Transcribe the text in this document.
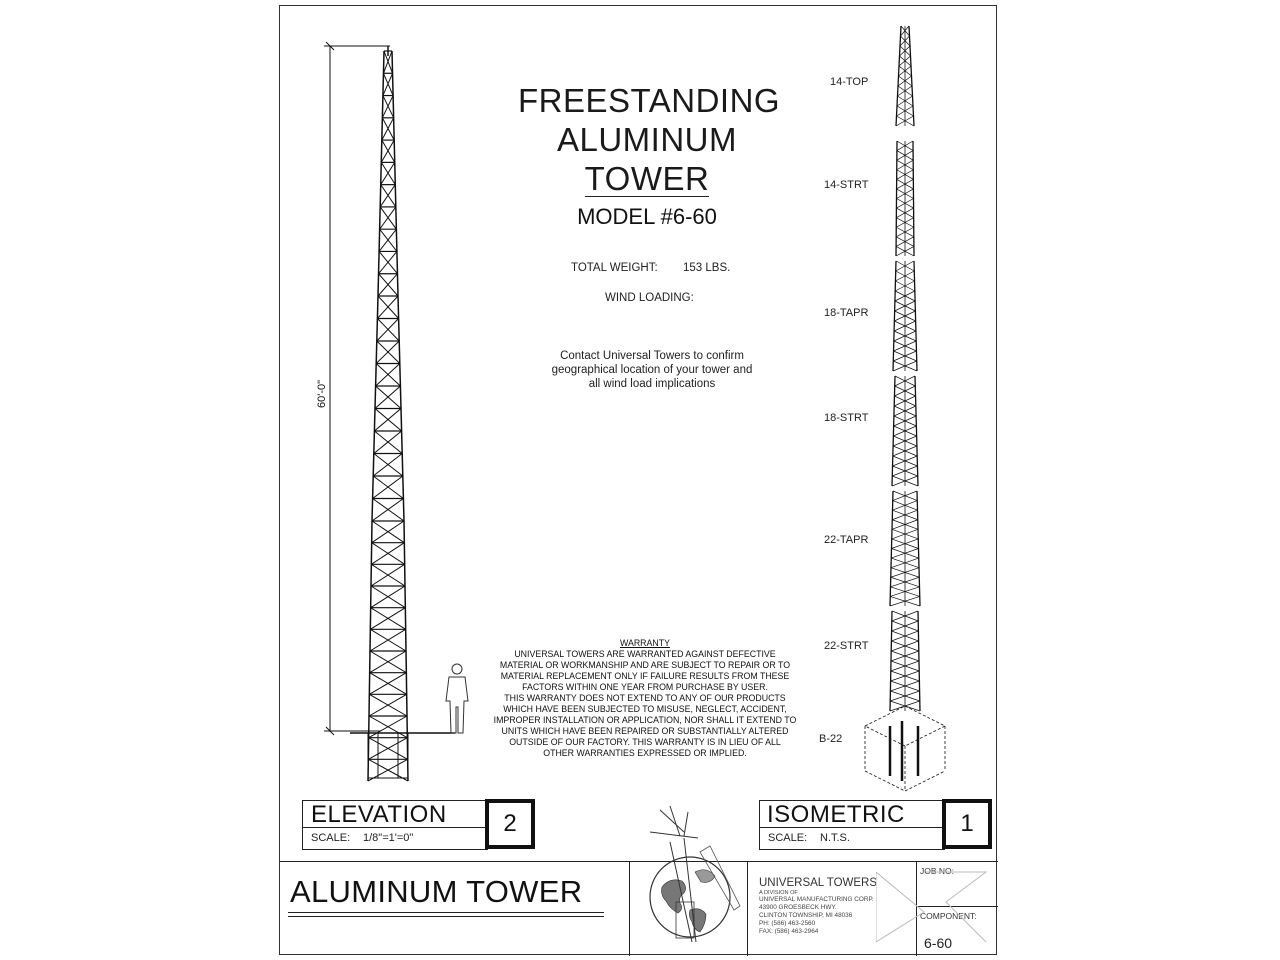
60'-0"
FREESTANDING
ALUMINUM
TOWER
MODEL #6-60
TOTAL WEIGHT: 153 LBS.
WIND LOADING:
Contact Universal Towers to confirm
geographical location of your tower and
all wind load implications
WARRANTY
UNIVERSAL TOWERS ARE WARRANTED AGAINST DEFECTIVE
MATERIAL OR WORKMANSHIP AND ARE SUBJECT TO REPAIR OR TO
MATERIAL REPLACEMENT ONLY IF FAILURE RESULTS FROM THESE
FACTORS WITHIN ONE YEAR FROM PURCHASE BY USER.
THIS WARRANTY DOES NOT EXTEND TO ANY OF OUR PRODUCTS
WHICH HAVE BEEN SUBJECTED TO MISUSE, NEGLECT, ACCIDENT,
IMPROPER INSTALLATION OR APPLICATION, NOR SHALL IT EXTEND TO
UNITS WHICH HAVE BEEN REPAIRED OR SUBSTANTIALLY ALTERED
OUTSIDE OF OUR FACTORY. THIS WARRANTY IS IN LIEU OF ALL
OTHER WARRANTIES EXPRESSED OR IMPLIED.
14-TOP
14-STRT
18-TAPR
18-STRT
22-TAPR
22-STRT
B-22
ELEVATION
SCALE: 1/8"=1'=0"
2	ISOMETRIC
SCALE: N.T.S.
1
ALUMINUM TOWER	UNIVERSAL TOWERS
A DIVISION OF
UNIVERSAL MANUFACTURING CORP.
43900 GROESBECK HWY.
CLINTON TOWNSHIP, MI 48036
PH: (586) 463-2560
FAX: (586) 463-2964
JOB NO:
COMPONENT:
6-60
